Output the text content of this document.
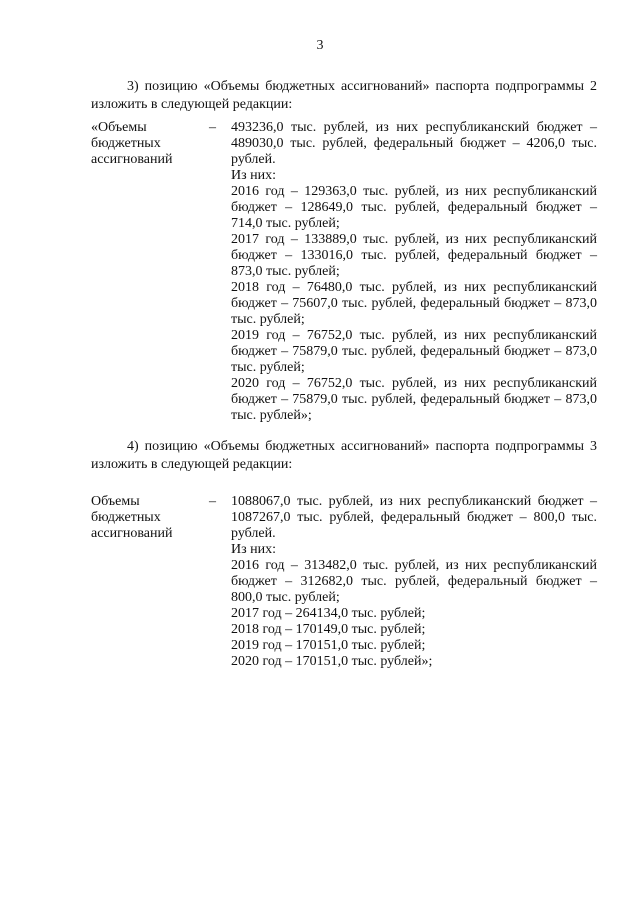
3

3) позицию «Объемы бюджетных ассигнований» паспорта подпрограммы 2 изложить в следующей редакции:

«Объемы
бюджетных
ассигнований
– 493236,0 тыс. рублей, из них республиканский бюджет – 489030,0 тыс. рублей, федеральный бюджет – 4206,0 тыс. рублей.

Из них:

2016 год – 129363,0 тыс. рублей, из них республиканский бюджет – 128649,0 тыс. рублей, федеральный бюджет – 714,0 тыс. рублей;

2017 год – 133889,0 тыс. рублей, из них республиканский бюджет – 133016,0 тыс. рублей, федеральный бюджет – 873,0 тыс. рублей;

2018 год – 76480,0 тыс. рублей, из них республиканский бюджет – 75607,0 тыс. рублей, федеральный бюджет – 873,0 тыс. рублей;

2019 год – 76752,0 тыс. рублей, из них республиканский бюджет – 75879,0 тыс. рублей, федеральный бюджет – 873,0 тыс. рублей;

2020 год – 76752,0 тыс. рублей, из них республиканский бюджет – 75879,0 тыс. рублей, федеральный бюджет – 873,0 тыс. рублей»;

4) позицию «Объемы бюджетных ассигнований» паспорта подпрограммы 3 изложить в следующей редакции:

Объемы
бюджетных
ассигнований
– 1088067,0 тыс. рублей, из них республиканский бюджет – 1087267,0 тыс. рублей, федеральный бюджет – 800,0 тыс. рублей.

Из них:

2016 год – 313482,0 тыс. рублей, из них республиканский бюджет – 312682,0 тыс. рублей, федеральный бюджет – 800,0 тыс. рублей;

2017 год – 264134,0 тыс. рублей;

2018 год – 170149,0 тыс. рублей;

2019 год – 170151,0 тыс. рублей;

2020 год – 170151,0 тыс. рублей»;
